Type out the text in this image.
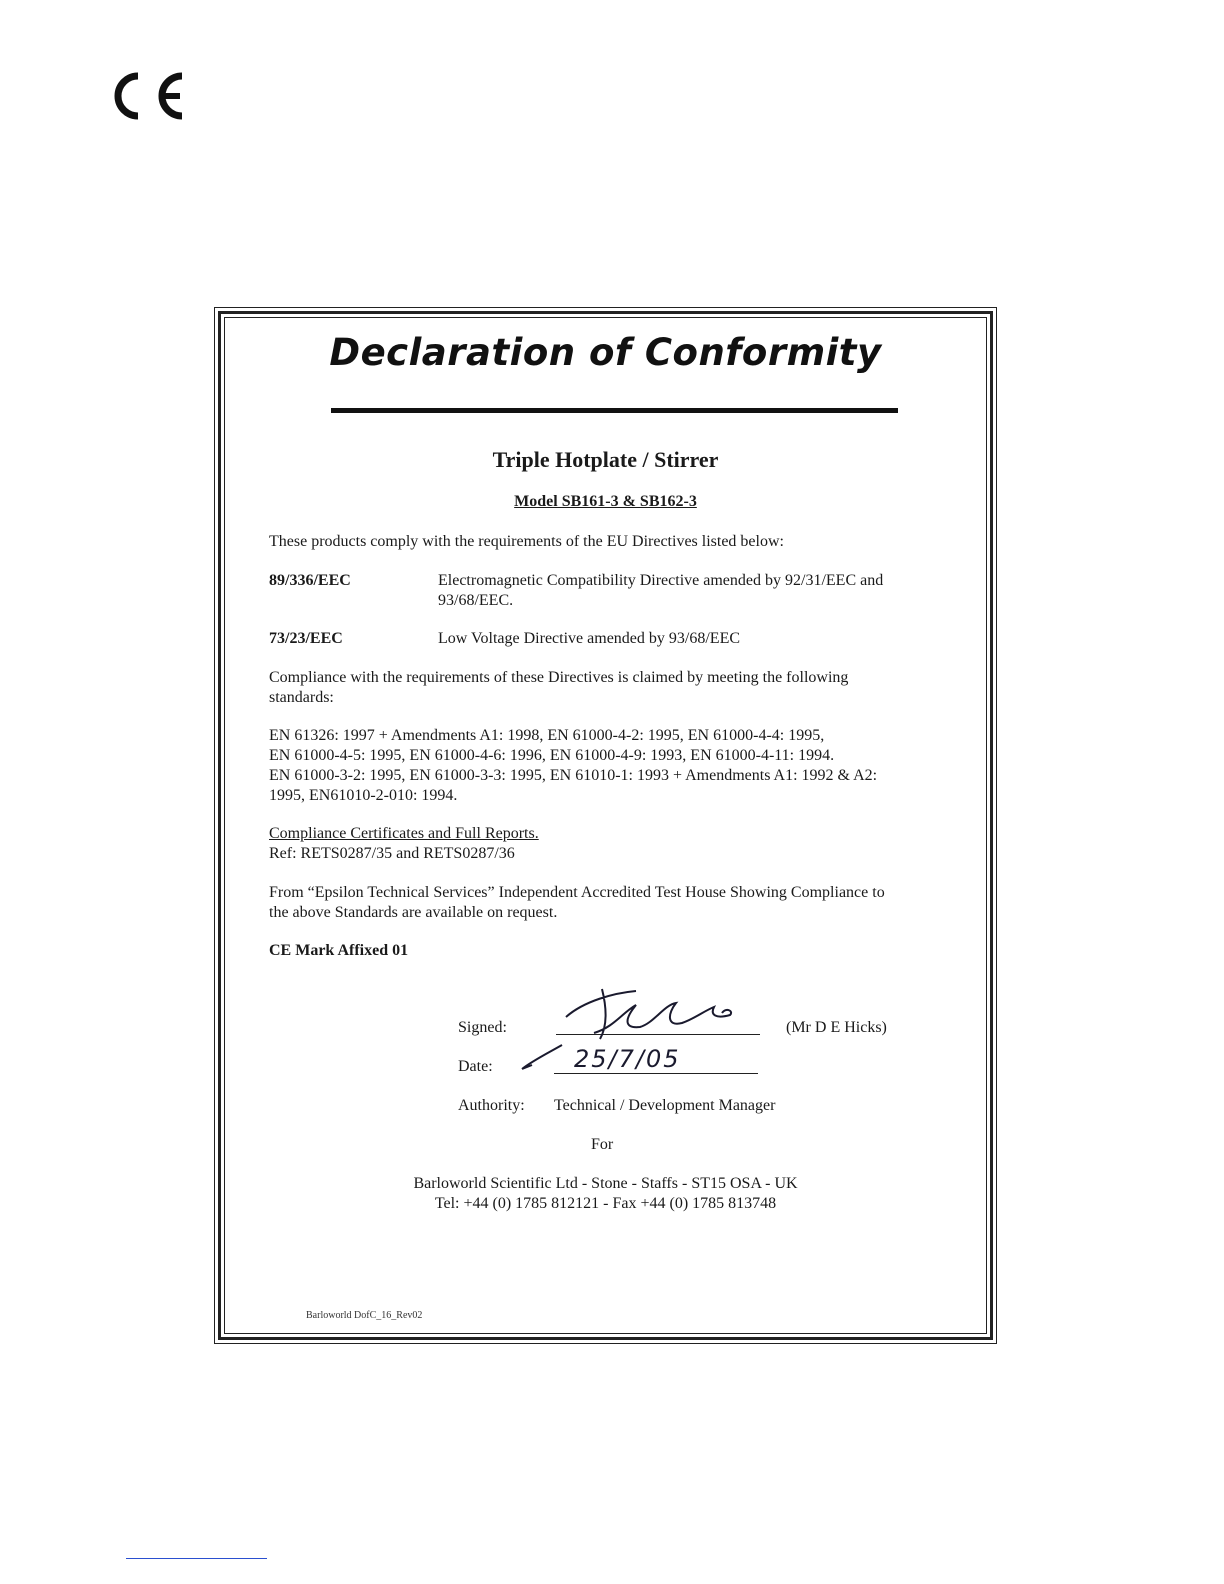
Declaration of Conformity
Triple Hotplate / Stirrer
Model SB161-3 & SB162-3
These products comply with the requirements of the EU Directives listed below:
89/336/EEC	Electromagnetic Compatibility Directive amended by 92/31/EEC and
93/68/EEC.
73/23/EEC	Low Voltage Directive amended by 93/68/EEC
Compliance with the requirements of these Directives is claimed by meeting the following
standards:
EN 61326: 1997 + Amendments A1: 1998, EN 61000-4-2: 1995, EN 61000-4-4: 1995,
EN 61000-4-5: 1995, EN 61000-4-6: 1996, EN 61000-4-9: 1993, EN 61000-4-11: 1994.
EN 61000-3-2: 1995, EN 61000-3-3: 1995, EN 61010-1: 1993 + Amendments A1: 1992 & A2:
1995, EN61010-2-010: 1994.
Compliance Certificates and Full Reports.
Ref: RETS0287/35 and RETS0287/36
From “Epsilon Technical Services” Independent Accredited Test House Showing Compliance to
the above Standards are available on request.
CE Mark Affixed 01
Signed:	(Mr D E Hicks)
Date:	25/7/05
Authority: Technical / Development Manager
For
Barloworld Scientific Ltd - Stone - Staffs - ST15 OSA - UK
Tel: +44 (0) 1785 812121 - Fax +44 (0) 1785 813748
Barloworld DofC_16_Rev02
